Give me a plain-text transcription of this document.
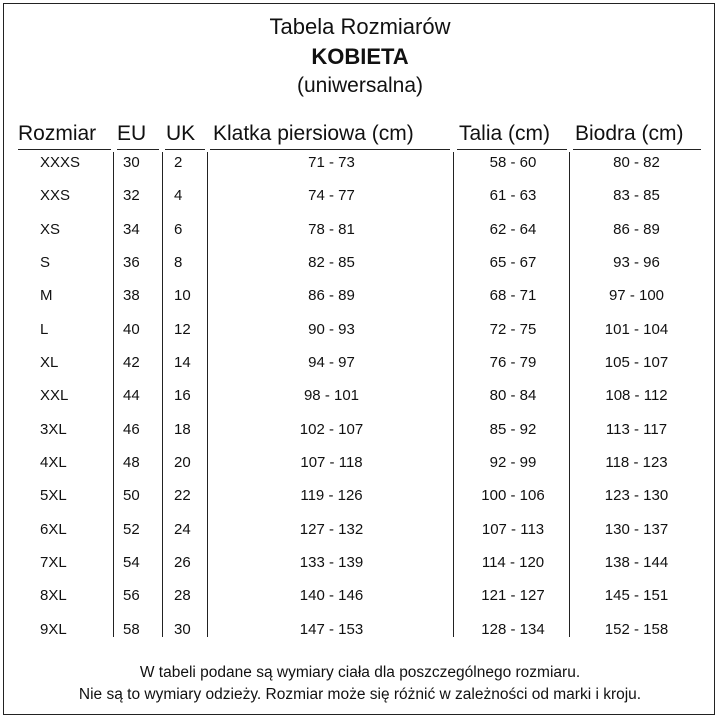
Tabela Rozmiarów
KOBIETA
(uniwersalna)
Rozmiar EU UK Klatka piersiowa (cm) Talia (cm) Biodra (cm)
XXXS	30 2	71 - 73	58 - 60	80 - 82
XXS	32 4	74 - 77	61 - 63	83 - 85
XS	34 6	78 - 81	62 - 64	86 - 89
S	36 8	82 - 85	65 - 67	93 - 96
M	38 10	86 - 89	68 - 71	97 - 100
L	40 12	90 - 93	72 - 75	101 - 104
XL	42 14	94 - 97	76 - 79	105 - 107
XXL	44 16	98 - 101	80 - 84	108 - 112
3XL	46 18	102 - 107	85 - 92	113 - 117
4XL	48 20	107 - 118	92 - 99	118 - 123
5XL	50 22	119 - 126	100 - 106	123 - 130
6XL	52 24	127 - 132	107 - 113	130 - 137
7XL	54 26	133 - 139	114 - 120	138 - 144
8XL	56 28	140 - 146	121 - 127	145 - 151
9XL	58 30	147 - 153	128 - 134	152 - 158
W tabeli podane są wymiary ciała dla poszczególnego rozmiaru.
Nie są to wymiary odzieży. Rozmiar może się różnić w zależności od marki i kroju.
